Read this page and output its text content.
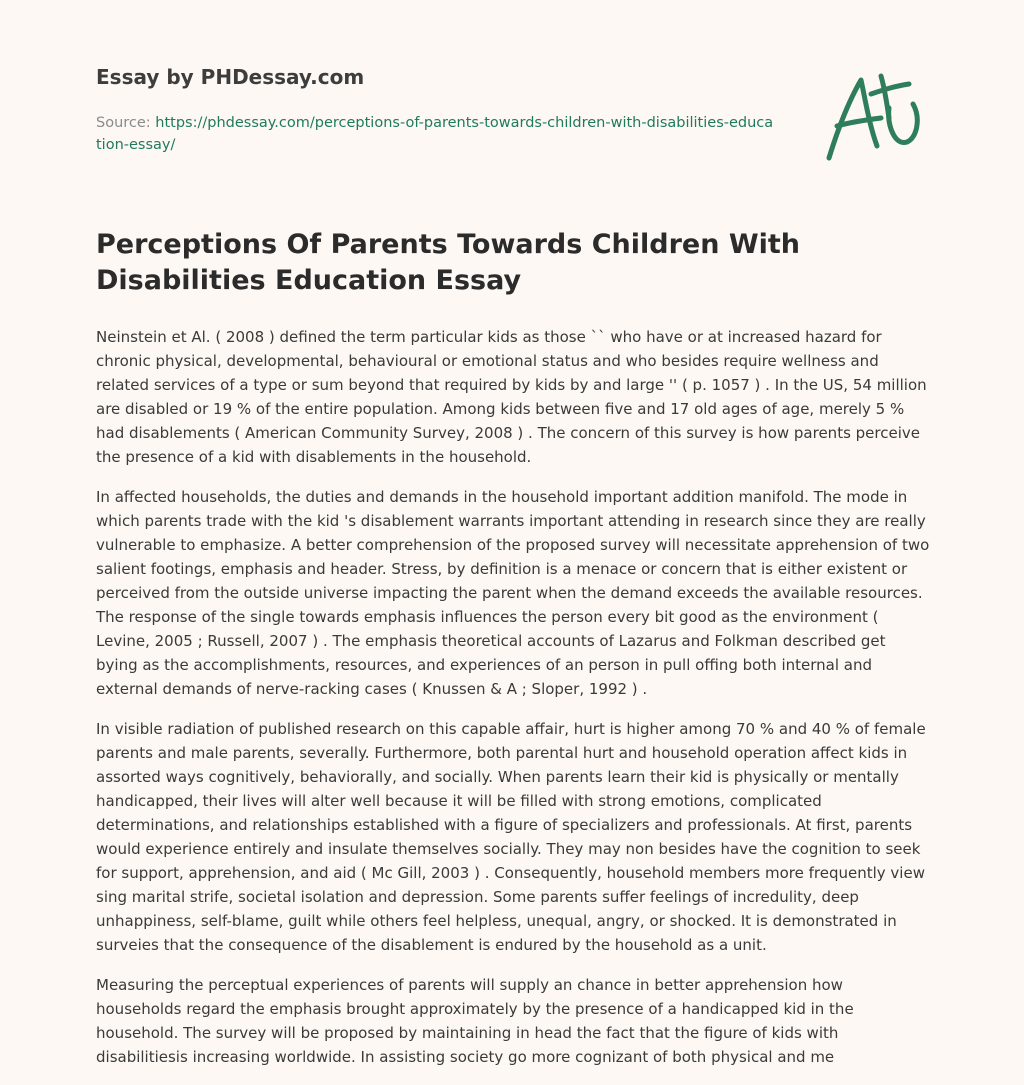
Essay by PHDessay.com
Source: https://phdessay.com/perceptions-of-parents-towards-children-with-disabilities-education-essay/
Perceptions Of Parents Towards Children With Disabilities Education Essay

Neinstein et Al. ( 2008 ) defined the term particular kids as those `` who have or at increased hazard for chronic physical, developmental, behavioural or emotional status and who besides require wellness and related services of a type or sum beyond that required by kids by and large '' ( p. 1057 ) . In the US, 54 million are disabled or 19 % of the entire population. Among kids between five and 17 old ages of age, merely 5 % had disablements ( American Community Survey, 2008 ) . The concern of this survey is how parents perceive the presence of a kid with disablements in the household.

In affected households, the duties and demands in the household important addition manifold. The mode in which parents trade with the kid 's disablement warrants important attending in research since they are really vulnerable to emphasize. A better comprehension of the proposed survey will necessitate apprehension of two salient footings, emphasis and header. Stress, by definition is a menace or concern that is either existent or perceived from the outside universe impacting the parent when the demand exceeds the available resources. The response of the single towards emphasis influences the person every bit good as the environment ( Levine, 2005 ; Russell, 2007 ) . The emphasis theoretical accounts of Lazarus and Folkman described get bying as the accomplishments, resources, and experiences of an person in pull offing both internal and external demands of nerve-racking cases ( Knussen & A ; Sloper, 1992 ) .

In visible radiation of published research on this capable affair, hurt is higher among 70 % and 40 % of female parents and male parents, severally. Furthermore, both parental hurt and household operation affect kids in assorted ways cognitively, behaviorally, and socially. When parents learn their kid is physically or mentally handicapped, their lives will alter well because it will be filled with strong emotions, complicated determinations, and relationships established with a figure of specializers and professionals. At first, parents would experience entirely and insulate themselves socially. They may non besides have the cognition to seek for support, apprehension, and aid ( Mc Gill, 2003 ) . Consequently, household members more frequently view sing marital strife, societal isolation and depression. Some parents suffer feelings of incredulity, deep unhappiness, self-blame, guilt while others feel helpless, unequal, angry, or shocked. It is demonstrated in surveies that the consequence of the disablement is endured by the household as a unit.

Measuring the perceptual experiences of parents will supply an chance in better apprehension how households regard the emphasis brought approximately by the presence of a handicapped kid in the household. The survey will be proposed by maintaining in head the fact that the figure of kids with disabilitiesis increasing worldwide. In assisting society go more cognizant of both physical and me
